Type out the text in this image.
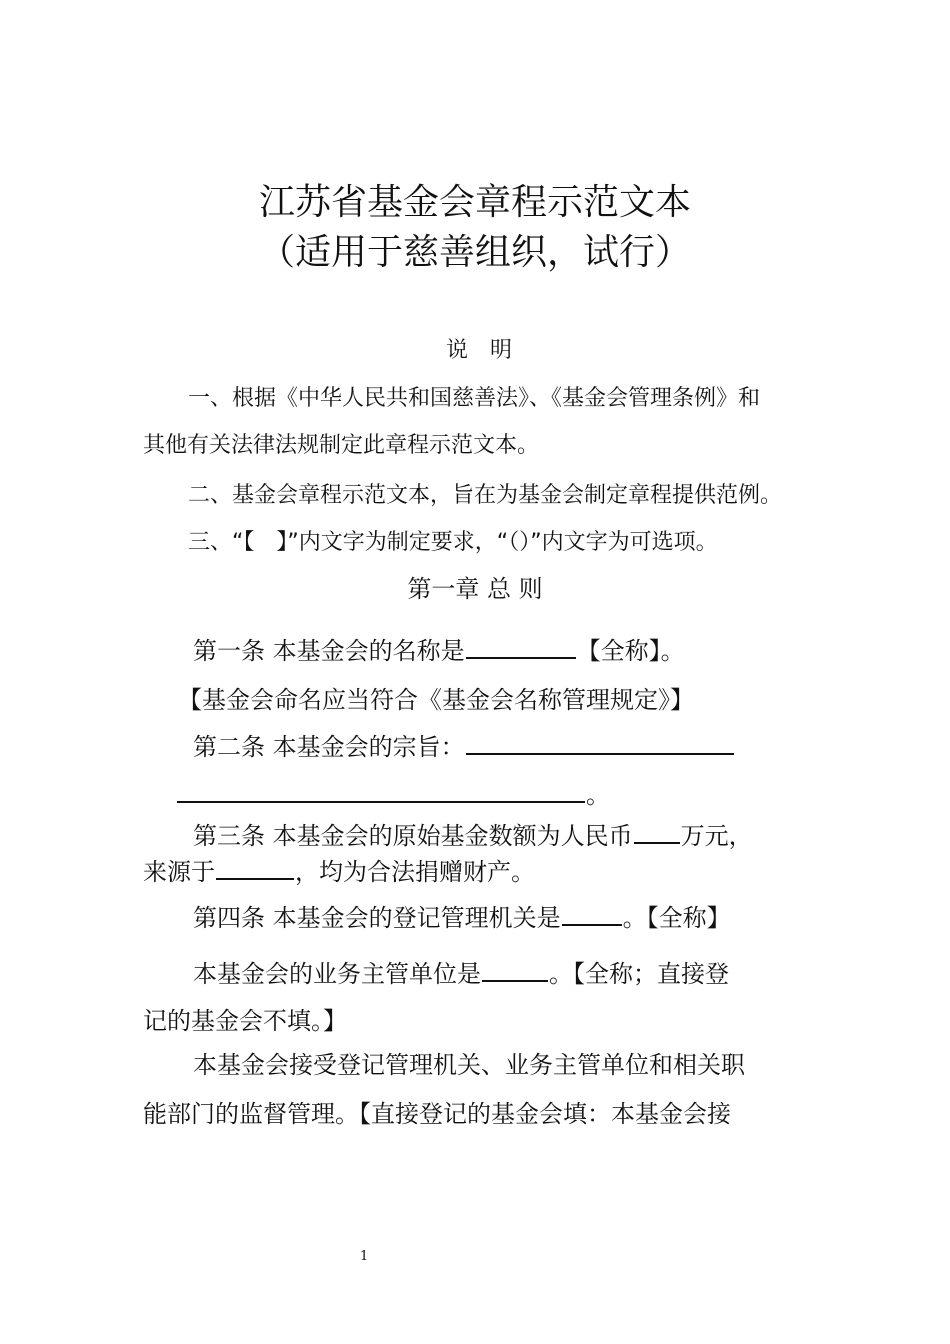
江苏省基金会章程示范文本
（适用于慈善组织，试行）
说　明
一、根据《中华人民共和国慈善法》、《基金会管理条例》和
其他有关法律法规制定此章程示范文本。
二、基金会章程示范文本，旨在为基金会制定章程提供范例。
三、“【　】”内文字为制定要求，“（）”内文字为可选项。
第一章 总 则
第一条 本基金会的名称是	【全称】。
【基金会命名应当符合《基金会名称管理规定》】
第二条 本基金会的宗旨：
。
第三条 本基金会的原始基金数额为人民币 万元，
来源于	，均为合法捐赠财产。
第四条 本基金会的登记管理机关是	。【全称】
本基金会的业务主管单位是	。【全称；直接登
记的基金会不填。】
本基金会接受登记管理机关、业务主管单位和相关职
能部门的监督管理。【直接登记的基金会填：本基金会接
1
